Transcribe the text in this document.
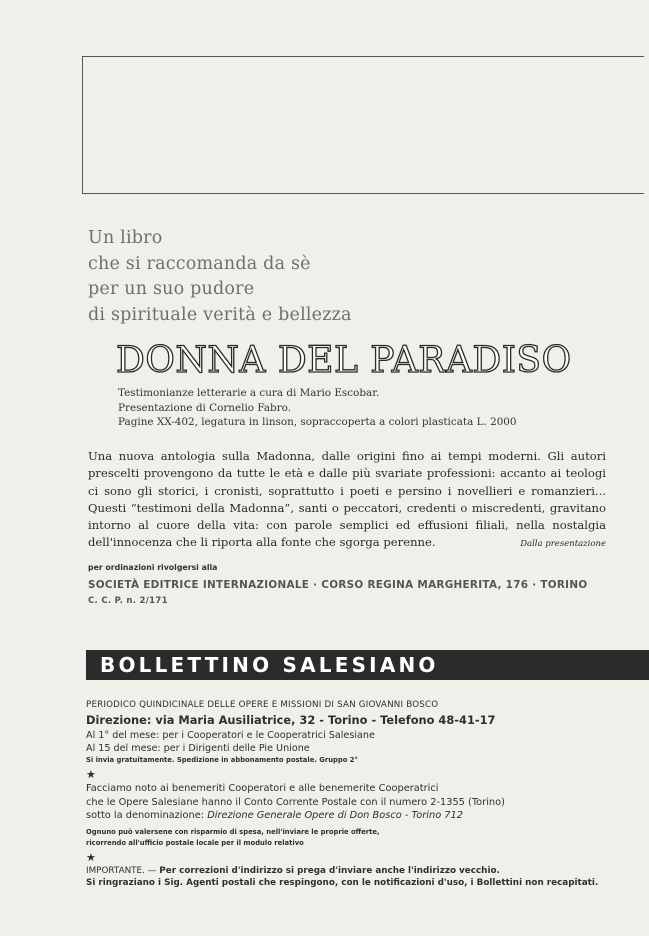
Un libro
che si raccomanda da sè
per un suo pudore
di spirituale verità e bellezza
DONNA DEL PARADISO
Testimonianze letterarie a cura di Mario Escobar.
Presentazione di Cornelio Fabro.
Pagine XX-402, legatura in linson, sopraccoperta a colori plasticata L. 2000
Una nuova antologia sulla Madonna, dalle origini fino ai tempi moderni. Gli autori prescelti provengono da tutte le età e dalle più svariate professioni: accanto ai teologi ci sono gli storici, i cronisti, soprattutto i poeti e persino i novellieri e romanzieri... Questi “testimoni della Madonna”, santi o peccatori, credenti o miscredenti, gravitano intorno al cuore della vita: con parole semplici ed effusioni filiali, nella nostalgia dell'innocenza che li riporta alla fonte che sgorga perenne.	Dalla presentazione
per ordinazioni rivolgersi alla
SOCIETÀ EDITRICE INTERNAZIONALE · CORSO REGINA MARGHERITA, 176 · TORINO
C. C. P. n. 2/171
BOLLETTINO SALESIANO
PERIODICO QUINDICINALE DELLE OPERE E MISSIONI DI SAN GIOVANNI BOSCO
Direzione: via Maria Ausiliatrice, 32 - Torino - Telefono 48-41-17
Al 1° del mese: per i Cooperatori e le Cooperatrici Salesiane
Al 15 del mese: per i Dirigenti delle Pie Unione
Si invia gratuitamente. Spedizione in abbonamento postale. Gruppo 2°
★
Facciamo noto ai benemeriti Cooperatori e alle benemerite Cooperatrici
che le Opere Salesiane hanno il Conto Corrente Postale con il numero 2-1355 (Torino)
sotto la denominazione: Direzione Generale Opere di Don Bosco - Torino 712
Ognuno può valersene con risparmio di spesa, nell'inviare le proprie offerte,
ricorrendo all'ufficio postale locale per il modulo relativo
★
IMPORTANTE. — Per correzioni d'indirizzo si prega d'inviare anche l'indirizzo vecchio.
Si ringraziano i Sig. Agenti postali che respingono, con le notificazioni d'uso, i Bollettini non recapitati.
